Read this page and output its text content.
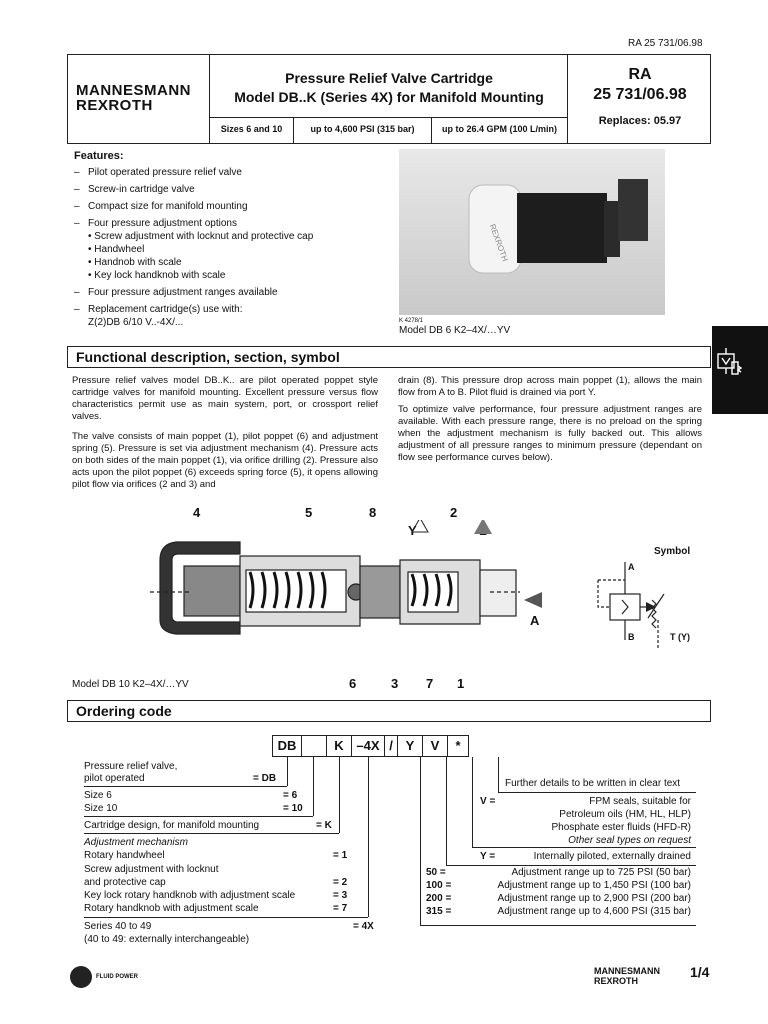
RA 25 731/06.98
MANNESMANN
REXROTH
Pressure Relief Valve Cartridge
Model DB..K (Series 4X) for Manifold Mounting
RA
25 731/06.98
Replaces: 05.97
Sizes 6 and 10	up to 4,600 PSI (315 bar)	up to 26.4 GPM (100 L/min)
Features:
– Pilot operated pressure relief valve
– Screw-in cartridge valve
– Compact size for manifold mounting
– Four pressure adjustment options
• Screw adjustment with locknut and protective cap
• Handwheel
• Handnob with scale
• Key lock handknob with scale
– Four pressure adjustment ranges available
– Replacement cartridge(s) use with:
Z(2)DB 6/10 V..-4X/...
REXROTH
K 4278/1
Model DB 6 K2–4X/…YV
Functional description, section, symbol
Pressure relief valves model DB..K.. are pilot operated poppet style cartridge valves for manifold mounting. Excellent pressure versus flow characteristics permit use as main system, port, or crossport relief valves.
The valve consists of main poppet (1), pilot poppet (6) and adjustment spring (5). Pressure is set via adjustment mechanism (4). Pressure acts on both sides of the main poppet (1), via orifice drilling (2). Pressure also acts upon the pilot poppet (6) exceeds spring force (5), it opens allowing pilot flow via orifices (2 and 3) and
drain (8). This pressure drop across main poppet (1), allows the main flow from A to B. Pilot fluid is drained via port Y.
To optimize valve performance, four pressure adjustment ranges are available. With each pressure range, there is no preload on the spring when the adjustment mechanism is fully backed out. This allows adjustment of all pressure ranges to minimum pressure (dependant on flow see performance curves below).
4	5	8	2
Y
A
6	3 7 1
Model DB 10 K2–4X/…YV
Symbol
A
B	T (Y)
Ordering code
DB	K –4X / Y	V	*
Pressure relief valve,
pilot operated	= DB
Size 6	= 6
Size 10	= 10
Cartridge design, for manifold mounting	= K
Adjustment mechanism
Rotary handwheel	= 1
Screw adjustment with locknut
and protective cap	= 2
Key lock rotary handknob with adjustment scale	= 3
Rotary handknob with adjustment scale	= 7
Series 40 to 49	= 4X
(40 to 49: externally interchangeable)
Further details to be written in clear text
V =	FPM seals, suitable for
Petroleum oils (HM, HL, HLP)
Phosphate ester fluids (HFD-R)
Other seal types on request
Y =	Internally piloted, externally drained
50 =	Adjustment range up to 725 PSI (50 bar)
100 =	Adjustment range up to 1,450 PSI (100 bar)
200 =	Adjustment range up to 2,900 PSI (200 bar)
315 =	Adjustment range up to 4,600 PSI (315 bar)
FLUID POWER
MANNESMANN
REXROTH
1/4
